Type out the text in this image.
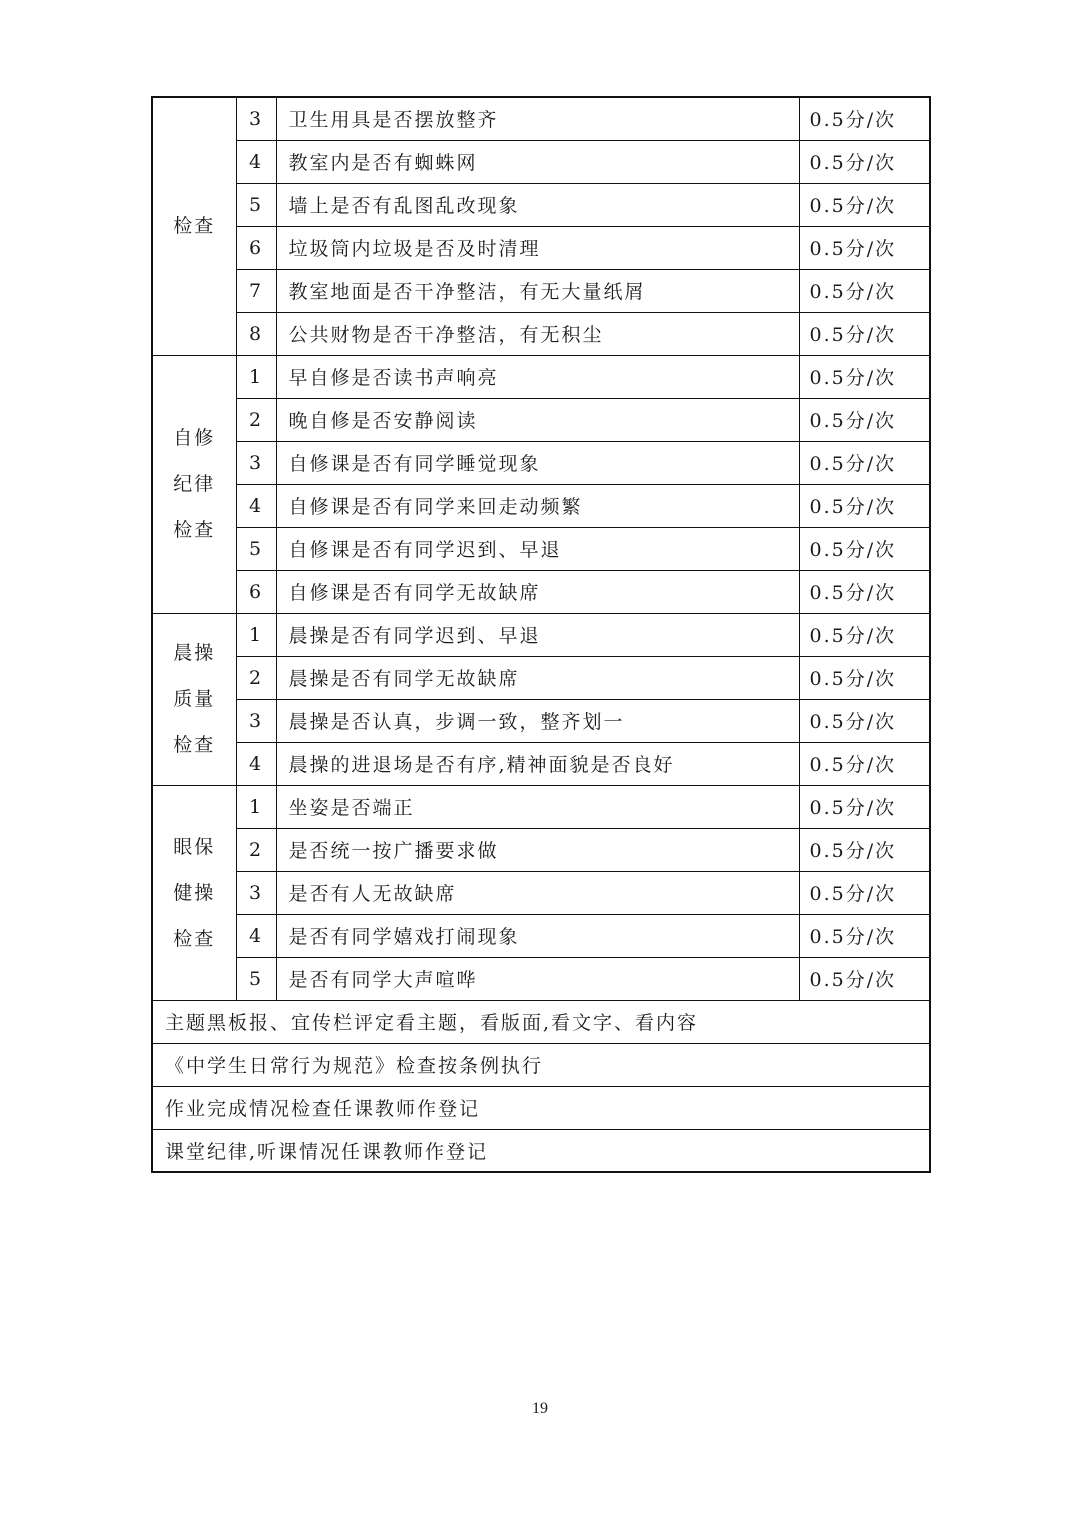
检查	3	卫生用具是否摆放整齐	0.5分/次
	4	教室内是否有蜘蛛网	0.5分/次
	5	墙上是否有乱图乱改现象	0.5分/次
	6	垃圾筒内垃圾是否及时清理	0.5分/次
	7	教室地面是否干净整洁，有无大量纸屑	0.5分/次
	8	公共财物是否干净整洁，有无积尘	0.5分/次

自修
纪律
检查	1	早自修是否读书声响亮	0.5分/次
	2	晚自修是否安静阅读	0.5分/次
	3	自修课是否有同学睡觉现象	0.5分/次
	4	自修课是否有同学来回走动频繁	0.5分/次
	5	自修课是否有同学迟到、早退	0.5分/次
	6	自修课是否有同学无故缺席	0.5分/次

晨操
质量
检查	1	晨操是否有同学迟到、早退	0.5分/次
	2	晨操是否有同学无故缺席	0.5分/次
	3	晨操是否认真，步调一致，整齐划一	0.5分/次
	4	晨操的进退场是否有序,精神面貌是否良好	0.5分/次

眼保
健操
检查	1	坐姿是否端正	0.5分/次
	2	是否统一按广播要求做	0.5分/次
	3	是否有人无故缺席	0.5分/次
	4	是否有同学嬉戏打闹现象	0.5分/次
	5	是否有同学大声喧哗	0.5分/次
主题黑板报、宜传栏评定看主题，看版面,看文字、看内容			
《中学生日常行为规范》检查按条例执行			
作业完成情况检查任课教师作登记			
课堂纪律,听课情况任课教师作登记			
19
